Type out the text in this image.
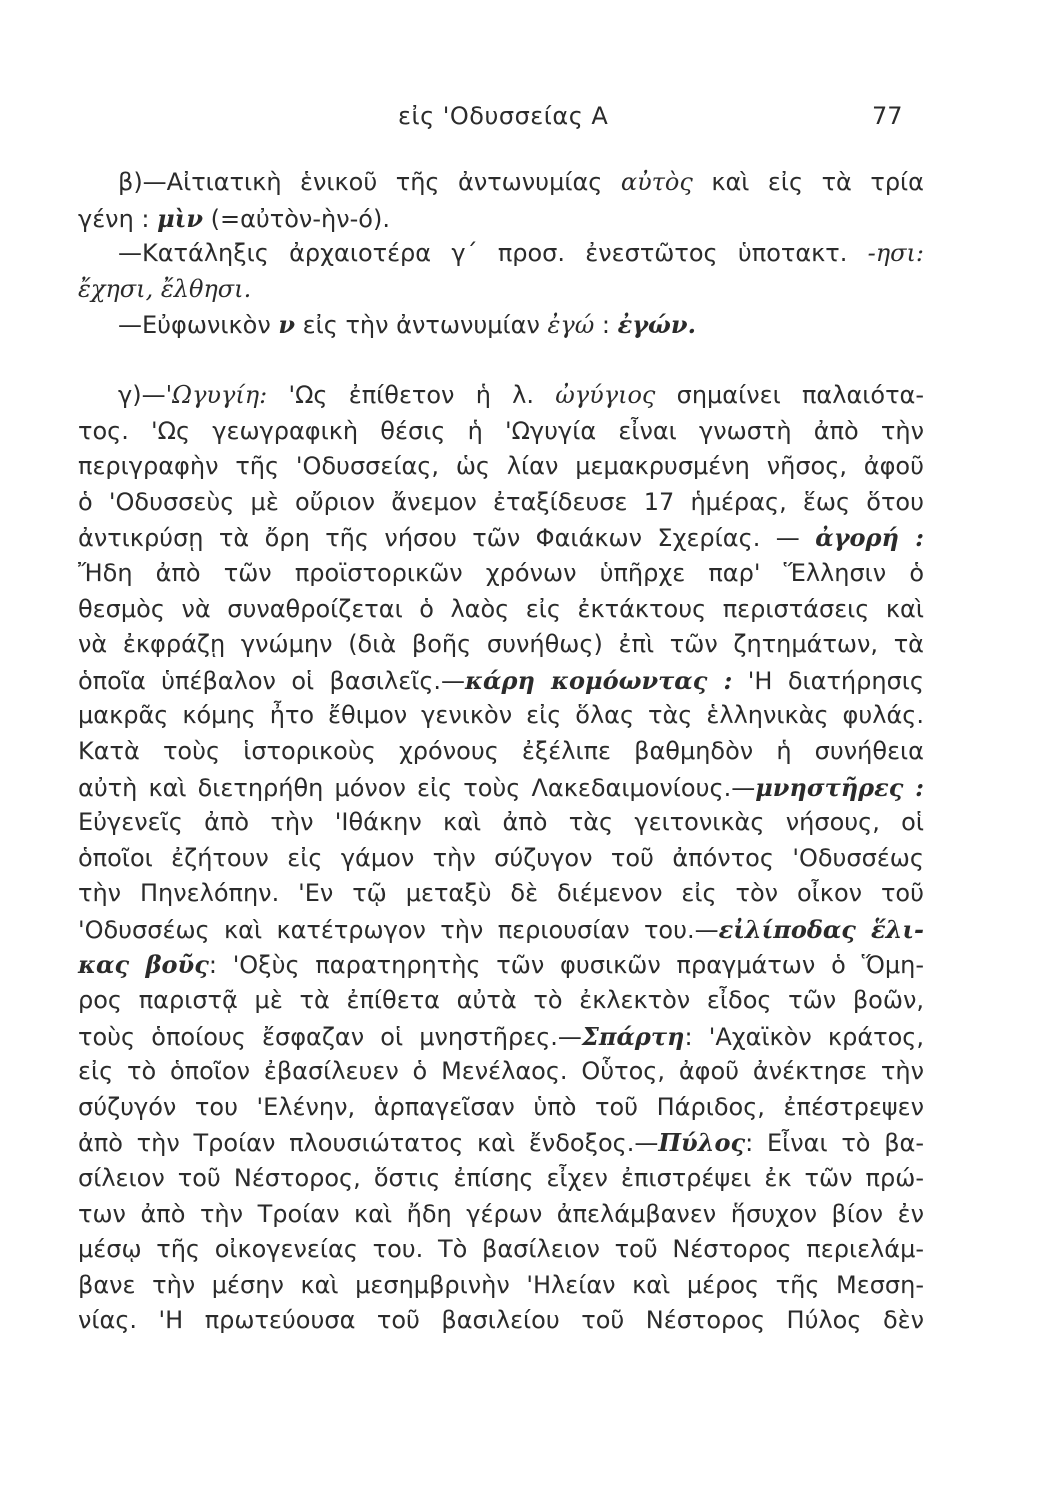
εἰς 'Οδυσσείας Α	77
β)—Αἰτιατικὴ ἑνικοῦ τῆς ἀντωνυμίας αὐτὸς καὶ εἰς τὰ τρία
γένη : μὶν (=αὐτὸν-ὴν-ό).
—Κατάληξις ἀρχαιοτέρα γ΄ προσ. ἐνεστῶτος ὑποτακτ. -ησι:
ἔχησι, ἔλθησι.
—Εὐφωνικὸν ν εἰς τὴν ἀντωνυμίαν ἐγώ : ἐγών.
γ)—'Ωγυγίη: 'Ως ἐπίθετον ἡ λ. ὠγύγιος σημαίνει παλαιότα-
τος. 'Ως γεωγραφικὴ θέσις ἡ 'Ωγυγία εἶναι γνωστὴ ἀπὸ τὴν
περιγραφὴν τῆς 'Οδυσσείας, ὡς λίαν μεμακρυσμένη νῆσος, ἀφοῦ
ὁ 'Οδυσσεὺς μὲ οὔριον ἄνεμον ἐταξίδευσε 17 ἡμέρας, ἕως ὅτου
ἀντικρύσῃ τὰ ὄρη τῆς νήσου τῶν Φαιάκων Σχερίας. — ἀγορή :
Ἤδη ἀπὸ τῶν προϊστορικῶν χρόνων ὑπῆρχε παρ' Ἕλλησιν ὁ
θεσμὸς νὰ συναθροίζεται ὁ λαὸς εἰς ἐκτάκτους περιστάσεις καὶ
νὰ ἐκφράζῃ γνώμην (διὰ βοῆς συνήθως) ἐπὶ τῶν ζητημάτων, τὰ
ὁποῖα ὑπέβαλον οἱ βασιλεῖς.—κάρη κομόωντας : 'Η διατήρησις
μακρᾶς κόμης ἦτο ἔθιμον γενικὸν εἰς ὅλας τὰς ἑλληνικὰς φυλάς.
Κατὰ τοὺς ἱστορικοὺς χρόνους ἐξέλιπε βαθμηδὸν ἡ συνήθεια
αὐτὴ καὶ διετηρήθη μόνον εἰς τοὺς Λακεδαιμονίους.—μνηστῆρες :
Εὐγενεῖς ἀπὸ τὴν 'Ιθάκην καὶ ἀπὸ τὰς γειτονικὰς νήσους, οἱ
ὁποῖοι ἐζήτουν εἰς γάμον τὴν σύζυγον τοῦ ἀπόντος 'Οδυσσέως
τὴν Πηνελόπην. 'Εν τῷ μεταξὺ δὲ διέμενον εἰς τὸν οἶκον τοῦ
'Οδυσσέως καὶ κατέτρωγον τὴν περιουσίαν του.—εἰλίποδας ἕλι-
κας βοῦς: 'Οξὺς παρατηρητὴς τῶν φυσικῶν πραγμάτων ὁ Ὅμη-
ρος παριστᾷ μὲ τὰ ἐπίθετα αὐτὰ τὸ ἐκλεκτὸν εἶδος τῶν βοῶν,
τοὺς ὁποίους ἔσφαζαν οἱ μνηστῆρες.—Σπάρτη: 'Αχαϊκὸν κράτος,
εἰς τὸ ὁποῖον ἐβασίλευεν ὁ Μενέλαος. Οὗτος, ἀφοῦ ἀνέκτησε τὴν
σύζυγόν του 'Ελένην, ἁρπαγεῖσαν ὑπὸ τοῦ Πάριδος, ἐπέστρεψεν
ἀπὸ τὴν Τροίαν πλουσιώτατος καὶ ἔνδοξος.—Πύλος: Εἶναι τὸ βα-
σίλειον τοῦ Νέστορος, ὅστις ἐπίσης εἶχεν ἐπιστρέψει ἐκ τῶν πρώ-
των ἀπὸ τὴν Τροίαν καὶ ἤδη γέρων ἀπελάμβανεν ἥσυχον βίον ἐν
μέσῳ τῆς οἰκογενείας του. Τὸ βασίλειον τοῦ Νέστορος περιελάμ-
βανε τὴν μέσην καὶ μεσημβρινὴν 'Ηλείαν καὶ μέρος τῆς Μεσση-
νίας. 'Η πρωτεύουσα τοῦ βασιλείου τοῦ Νέστορος Πύλος δὲν
